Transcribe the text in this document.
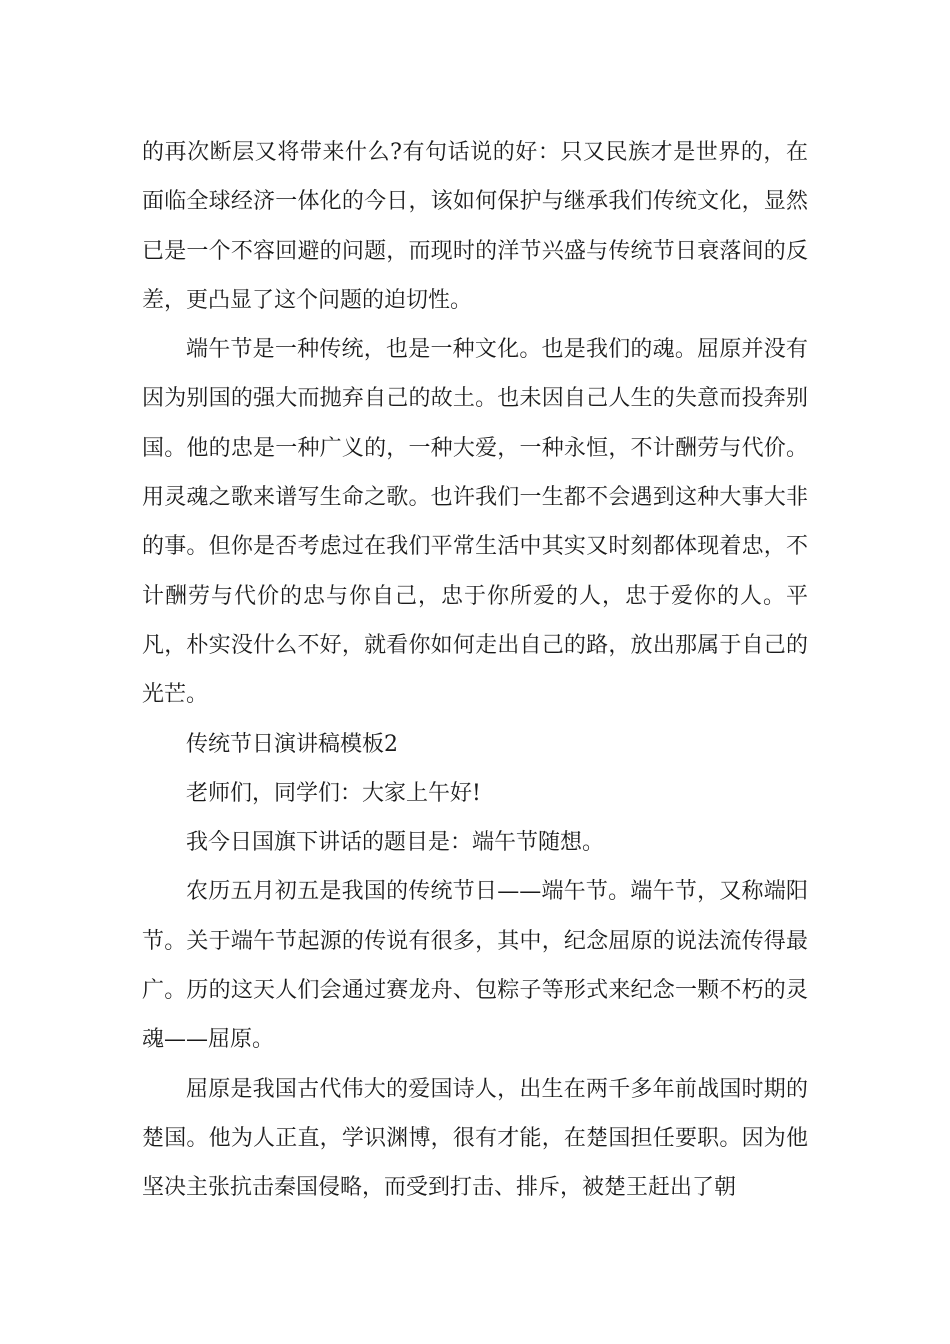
的再次断层又将带来什么?有句话说的好：只又民族才是世界的，在面临全球经济一体化的今日，该如何保护与继承我们传统文化，显然已是一个不容回避的问题，而现时的洋节兴盛与传统节日衰落间的反差，更凸显了这个问题的迫切性。

端午节是一种传统，也是一种文化。也是我们的魂。屈原并没有因为别国的强大而抛弃自己的故土。也未因自己人生的失意而投奔别国。他的忠是一种广义的，一种大爱，一种永恒，不计酬劳与代价。用灵魂之歌来谱写生命之歌。也许我们一生都不会遇到这种大事大非的事。但你是否考虑过在我们平常生活中其实又时刻都体现着忠，不计酬劳与代价的忠与你自己，忠于你所爱的人，忠于爱你的人。平凡，朴实没什么不好，就看你如何走出自己的路，放出那属于自己的光芒。

传统节日演讲稿模板2

老师们，同学们：大家上午好!

我今日国旗下讲话的题目是：端午节随想。

农历五月初五是我国的传统节日——端午节。端午节，又称端阳节。关于端午节起源的传说有很多，其中，纪念屈原的说法流传得最广。历的这天人们会通过赛龙舟、包粽子等形式来纪念一颗不朽的灵魂——屈原。

屈原是我国古代伟大的爱国诗人，出生在两千多年前战国时期的楚国。他为人正直，学识渊博，很有才能，在楚国担任要职。因为他坚决主张抗击秦国侵略，而受到打击、排斥，被楚王赶出了朝
